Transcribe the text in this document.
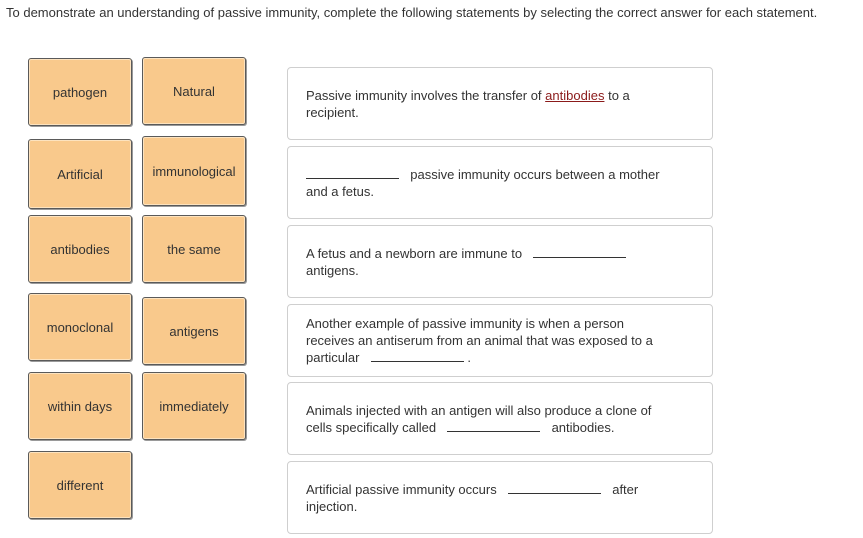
To demonstrate an understanding of passive immunity, complete the following statements by selecting the correct answer for each statement.
pathogen
Artificial
antibodies
monoclonal
within days
different
Natural
immunological
the same
antigens
immediately
Passive immunity involves the transfer of antibodies to a
recipient.
passive immunity occurs between a mother
and a fetus.
A fetus and a newborn are immune to
antigens.
Another example of passive immunity is when a person
receives an antiserum from an animal that was exposed to a
particular	.
Animals injected with an antigen will also produce a clone of
cells specifically called	antibodies.
Artificial passive immunity occurs	after
injection.
